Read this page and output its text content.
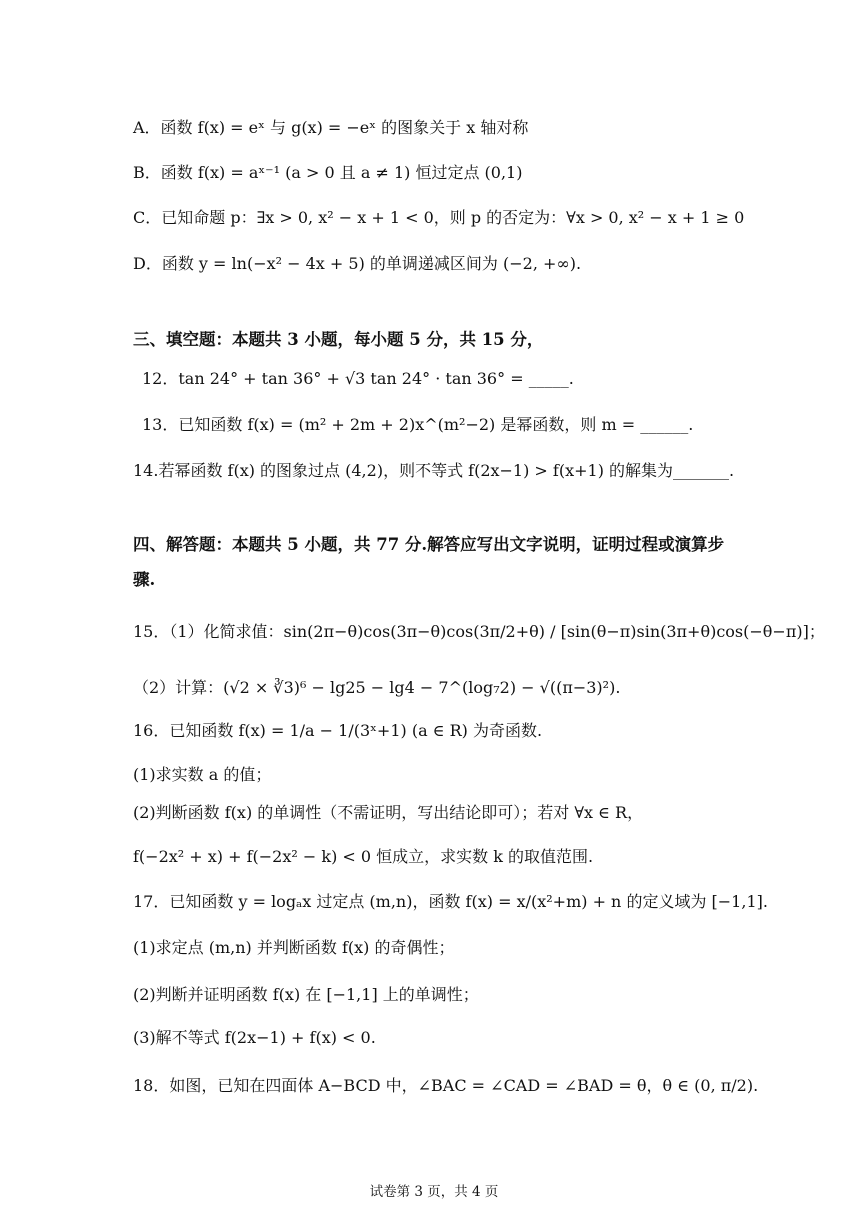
A．函数 f(x) = eˣ 与 g(x) = −eˣ 的图象关于 x 轴对称
B．函数 f(x) = aˣ⁻¹ (a > 0 且 a ≠ 1) 恒过定点 (0,1)
C．已知命题 p：∃x > 0, x² − x + 1 < 0，则 p 的否定为：∀x > 0, x² − x + 1 ≥ 0
D．函数 y = ln(−x² − 4x + 5) 的单调递减区间为 (−2, +∞).
三、填空题：本题共 3 小题，每小题 5 分，共 15 分，
12．tan 24° + tan 36° + √3 tan 24° · tan 36° = _____.
13．已知函数 f(x) = (m² + 2m + 2)x^(m²−2) 是幂函数，则 m = ______.
14.若幂函数 f(x) 的图象过点 (4,2)，则不等式 f(2x−1) > f(x+1) 的解集为_______.
四、解答题：本题共 5 小题，共 77 分.解答应写出文字说明，证明过程或演算步
骤.
15．（1）化简求值：sin(2π−θ)cos(3π−θ)cos(3π/2+θ) / [sin(θ−π)sin(3π+θ)cos(−θ−π)]；
（2）计算：(√2 × ∛3)⁶ − lg25 − lg4 − 7^(log₇2) − √((π−3)²).
16．已知函数 f(x) = 1/a − 1/(3ˣ+1) (a ∈ R) 为奇函数.
(1)求实数 a 的值；
(2)判断函数 f(x) 的单调性（不需证明，写出结论即可）；若对 ∀x ∈ R，
f(−2x² + x) + f(−2x² − k) < 0 恒成立，求实数 k 的取值范围.
17．已知函数 y = logₐx 过定点 (m,n)，函数 f(x) = x/(x²+m) + n 的定义域为 [−1,1].
(1)求定点 (m,n) 并判断函数 f(x) 的奇偶性；
(2)判断并证明函数 f(x) 在 [−1,1] 上的单调性；
(3)解不等式 f(2x−1) + f(x) < 0.
18．如图，已知在四面体 A−BCD 中，∠BAC = ∠CAD = ∠BAD = θ，θ ∈ (0, π/2).
试卷第 3 页，共 4 页
